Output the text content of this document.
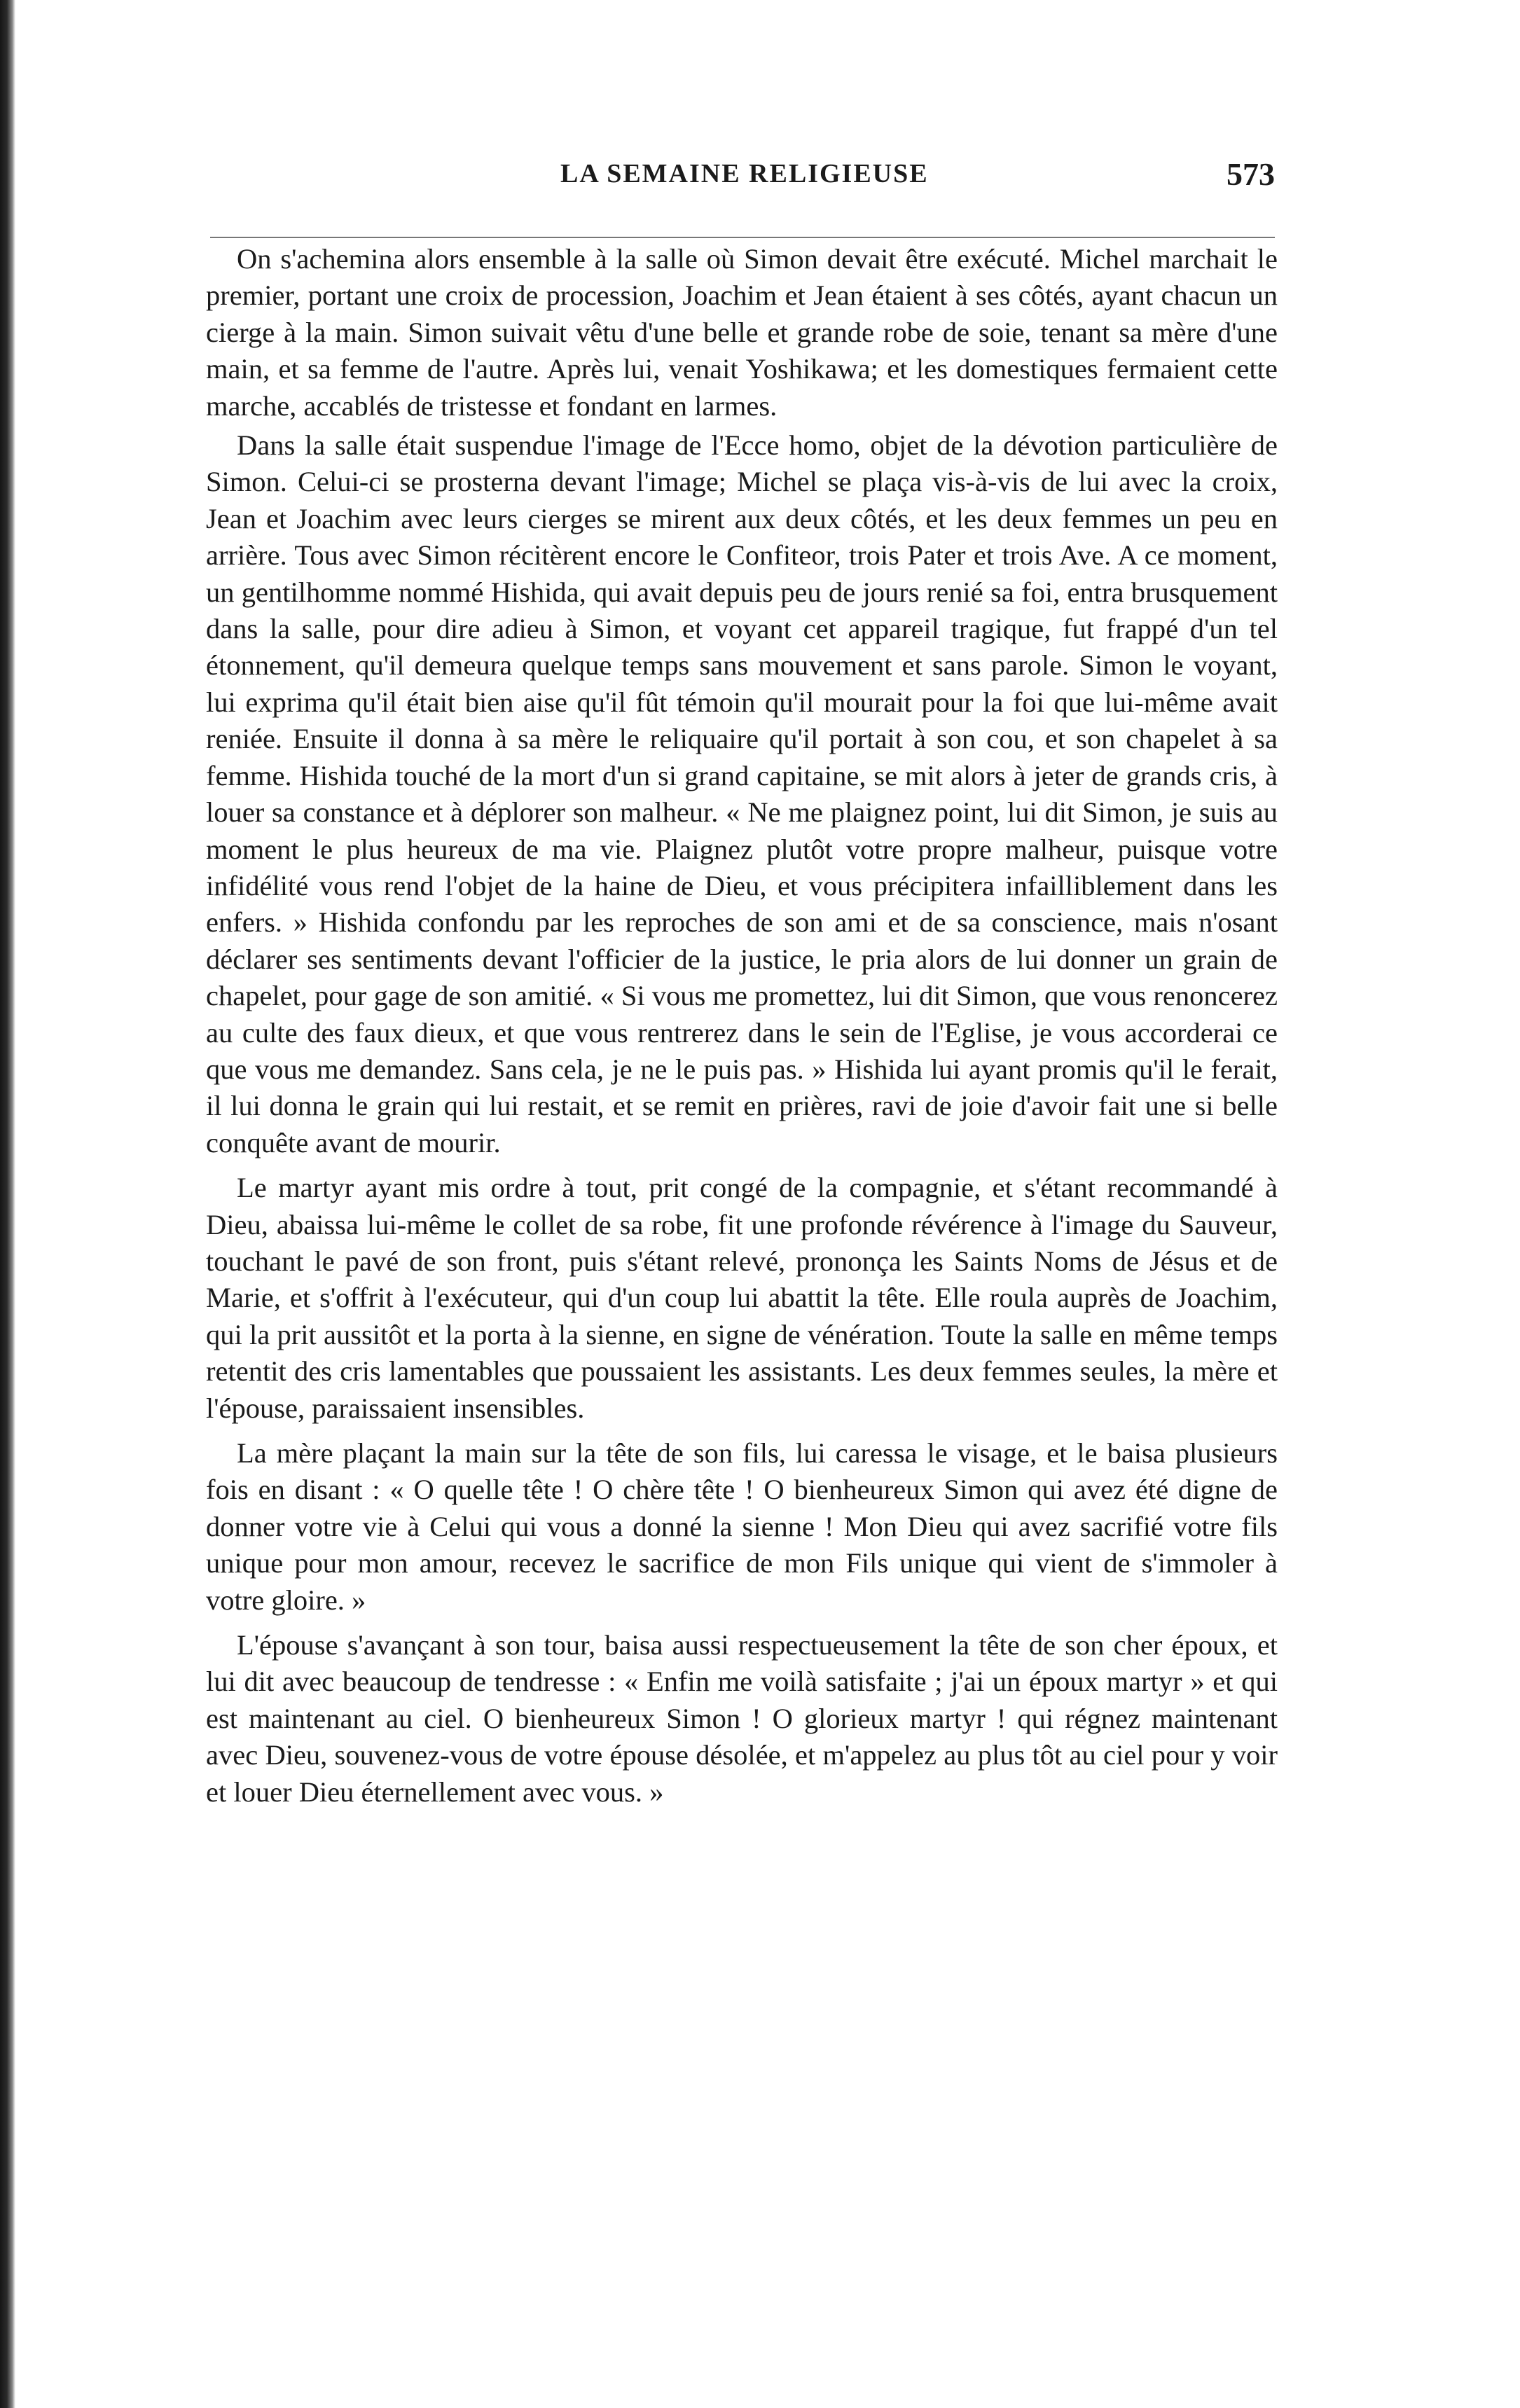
LA SEMAINE RELIGIEUSE	573

On s'achemina alors ensemble à la salle où Simon devait être exécuté. Michel marchait le premier, portant une croix de procession, Joachim et Jean étaient à ses côtés, ayant chacun un cierge à la main. Simon suivait vêtu d'une belle et grande robe de soie, tenant sa mère d'une main, et sa femme de l'autre. Après lui, venait Yoshikawa; et les domestiques fermaient cette marche, accablés de tristesse et fondant en larmes.

Dans la salle était suspendue l'image de l'Ecce homo, objet de la dévotion particulière de Simon. Celui-ci se prosterna devant l'image; Michel se plaça vis-à-vis de lui avec la croix, Jean et Joachim avec leurs cierges se mirent aux deux côtés, et les deux femmes un peu en arrière. Tous avec Simon récitèrent encore le Confiteor, trois Pater et trois Ave. A ce moment, un gentilhomme nommé Hishida, qui avait depuis peu de jours renié sa foi, entra brusquement dans la salle, pour dire adieu à Simon, et voyant cet appareil tragique, fut frappé d'un tel étonnement, qu'il demeura quelque temps sans mouvement et sans parole. Simon le voyant, lui exprima qu'il était bien aise qu'il fût témoin qu'il mourait pour la foi que lui-même avait reniée. Ensuite il donna à sa mère le reliquaire qu'il portait à son cou, et son chapelet à sa femme. Hishida touché de la mort d'un si grand capitaine, se mit alors à jeter de grands cris, à louer sa constance et à déplorer son malheur. « Ne me plaignez point, lui dit Simon, je suis au moment le plus heureux de ma vie. Plaignez plutôt votre propre malheur, puisque votre infidélité vous rend l'objet de la haine de Dieu, et vous précipitera infailliblement dans les enfers. » Hishida confondu par les reproches de son ami et de sa conscience, mais n'osant déclarer ses sentiments devant l'officier de la justice, le pria alors de lui donner un grain de chapelet, pour gage de son amitié. « Si vous me promettez, lui dit Simon, que vous renoncerez au culte des faux dieux, et que vous rentrerez dans le sein de l'Eglise, je vous accorderai ce que vous me demandez. Sans cela, je ne le puis pas. » Hishida lui ayant promis qu'il le ferait, il lui donna le grain qui lui restait, et se remit en prières, ravi de joie d'avoir fait une si belle conquête avant de mourir.

Le martyr ayant mis ordre à tout, prit congé de la compagnie, et s'étant recommandé à Dieu, abaissa lui-même le collet de sa robe, fit une profonde révérence à l'image du Sauveur, touchant le pavé de son front, puis s'étant relevé, prononça les Saints Noms de Jésus et de Marie, et s'offrit à l'exécuteur, qui d'un coup lui abattit la tête. Elle roula auprès de Joachim, qui la prit aussitôt et la porta à la sienne, en signe de vénération. Toute la salle en même temps retentit des cris lamentables que poussaient les assistants. Les deux femmes seules, la mère et l'épouse, paraissaient insensibles.

La mère plaçant la main sur la tête de son fils, lui caressa le visage, et le baisa plusieurs fois en disant : « O quelle tête ! O chère tête ! O bienheureux Simon qui avez été digne de donner votre vie à Celui qui vous a donné la sienne ! Mon Dieu qui avez sacrifié votre fils unique pour mon amour, recevez le sacrifice de mon Fils unique qui vient de s'immoler à votre gloire. »

L'épouse s'avançant à son tour, baisa aussi respectueusement la tête de son cher époux, et lui dit avec beaucoup de tendresse : « Enfin me voilà satisfaite ; j'ai un époux martyr » et qui est maintenant au ciel. O bienheureux Simon ! O glorieux martyr ! qui régnez maintenant avec Dieu, souvenez-vous de votre épouse désolée, et m'appelez au plus tôt au ciel pour y voir et louer Dieu éternellement avec vous. »
